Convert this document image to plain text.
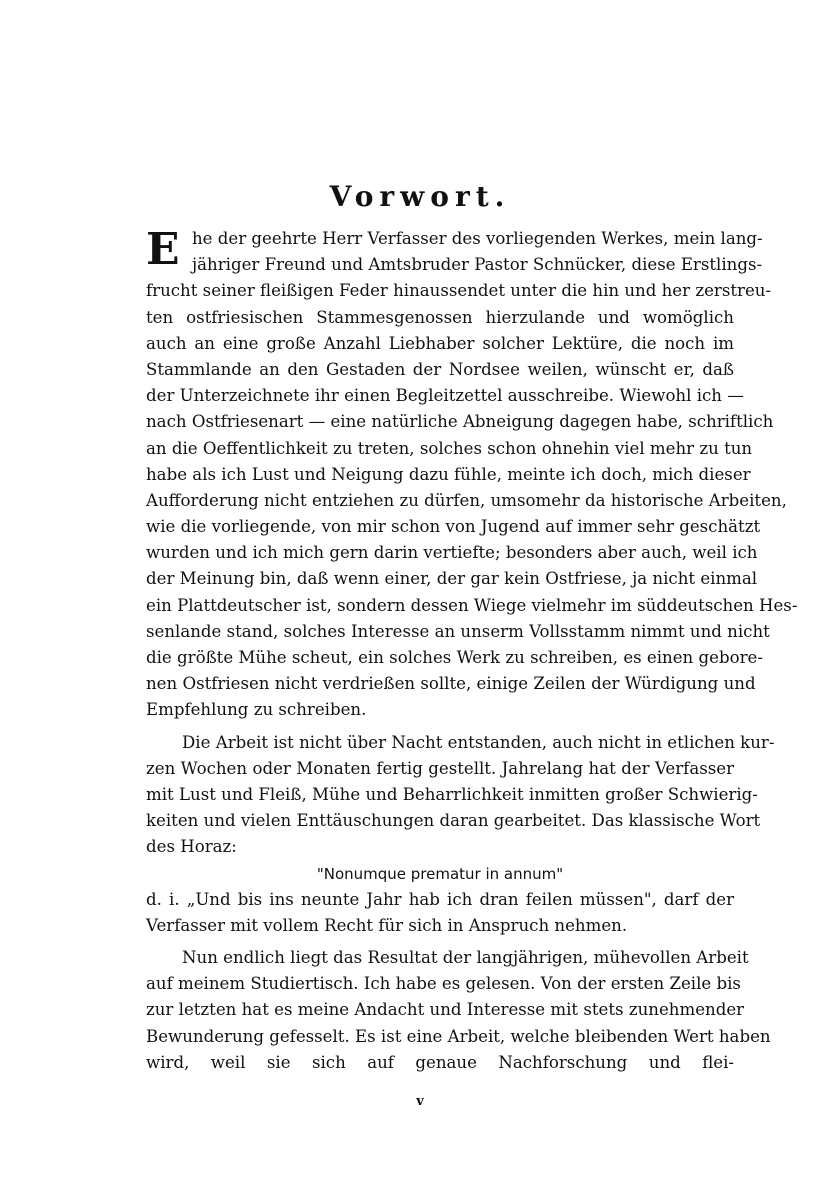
Vorwort.
E he der geehrte Herr Verfasser des vorliegenden Werkes, mein lang-
jähriger Freund und Amtsbruder Pastor Schnücker, diese Erstlings-
frucht seiner fleißigen Feder hinaussendet unter die hin und her zerstreu-
ten ostfriesischen Stammesgenossen hierzulande und womöglich
auch an eine große Anzahl Liebhaber solcher Lektüre, die noch im
Stammlande an den Gestaden der Nordsee weilen, wünscht er, daß
der Unterzeichnete ihr einen Begleitzettel ausschreibe. Wiewohl ich —
nach Ostfriesenart — eine natürliche Abneigung dagegen habe, schriftlich
an die Oeffentlichkeit zu treten, solches schon ohnehin viel mehr zu tun
habe als ich Lust und Neigung dazu fühle, meinte ich doch, mich dieser
Aufforderung nicht entziehen zu dürfen, umsomehr da historische Arbeiten,
wie die vorliegende, von mir schon von Jugend auf immer sehr geschätzt
wurden und ich mich gern darin vertiefte; besonders aber auch, weil ich
der Meinung bin, daß wenn einer, der gar kein Ostfriese, ja nicht einmal
ein Plattdeutscher ist, sondern dessen Wiege vielmehr im süddeutschen Hes-
senlande stand, solches Interesse an unserm Vollsstamm nimmt und nicht
die größte Mühe scheut, ein solches Werk zu schreiben, es einen gebore-
nen Ostfriesen nicht verdrießen sollte, einige Zeilen der Würdigung und
Empfehlung zu schreiben.
Die Arbeit ist nicht über Nacht entstanden, auch nicht in etlichen kur-
zen Wochen oder Monaten fertig gestellt. Jahrelang hat der Verfasser
mit Lust und Fleiß, Mühe und Beharrlichkeit inmitten großer Schwierig-
keiten und vielen Enttäuschungen daran gearbeitet. Das klassische Wort
des Horaz:
"Nonumque prematur in annum"
d. i. „Und bis ins neunte Jahr hab ich dran feilen müssen", darf der
Verfasser mit vollem Recht für sich in Anspruch nehmen.
Nun endlich liegt das Resultat der langjährigen, mühevollen Arbeit
auf meinem Studiertisch. Ich habe es gelesen. Von der ersten Zeile bis
zur letzten hat es meine Andacht und Interesse mit stets zunehmender
Bewunderung gefesselt. Es ist eine Arbeit, welche bleibenden Wert haben
wird, weil sie sich auf genaue Nachforschung und flei-
v
